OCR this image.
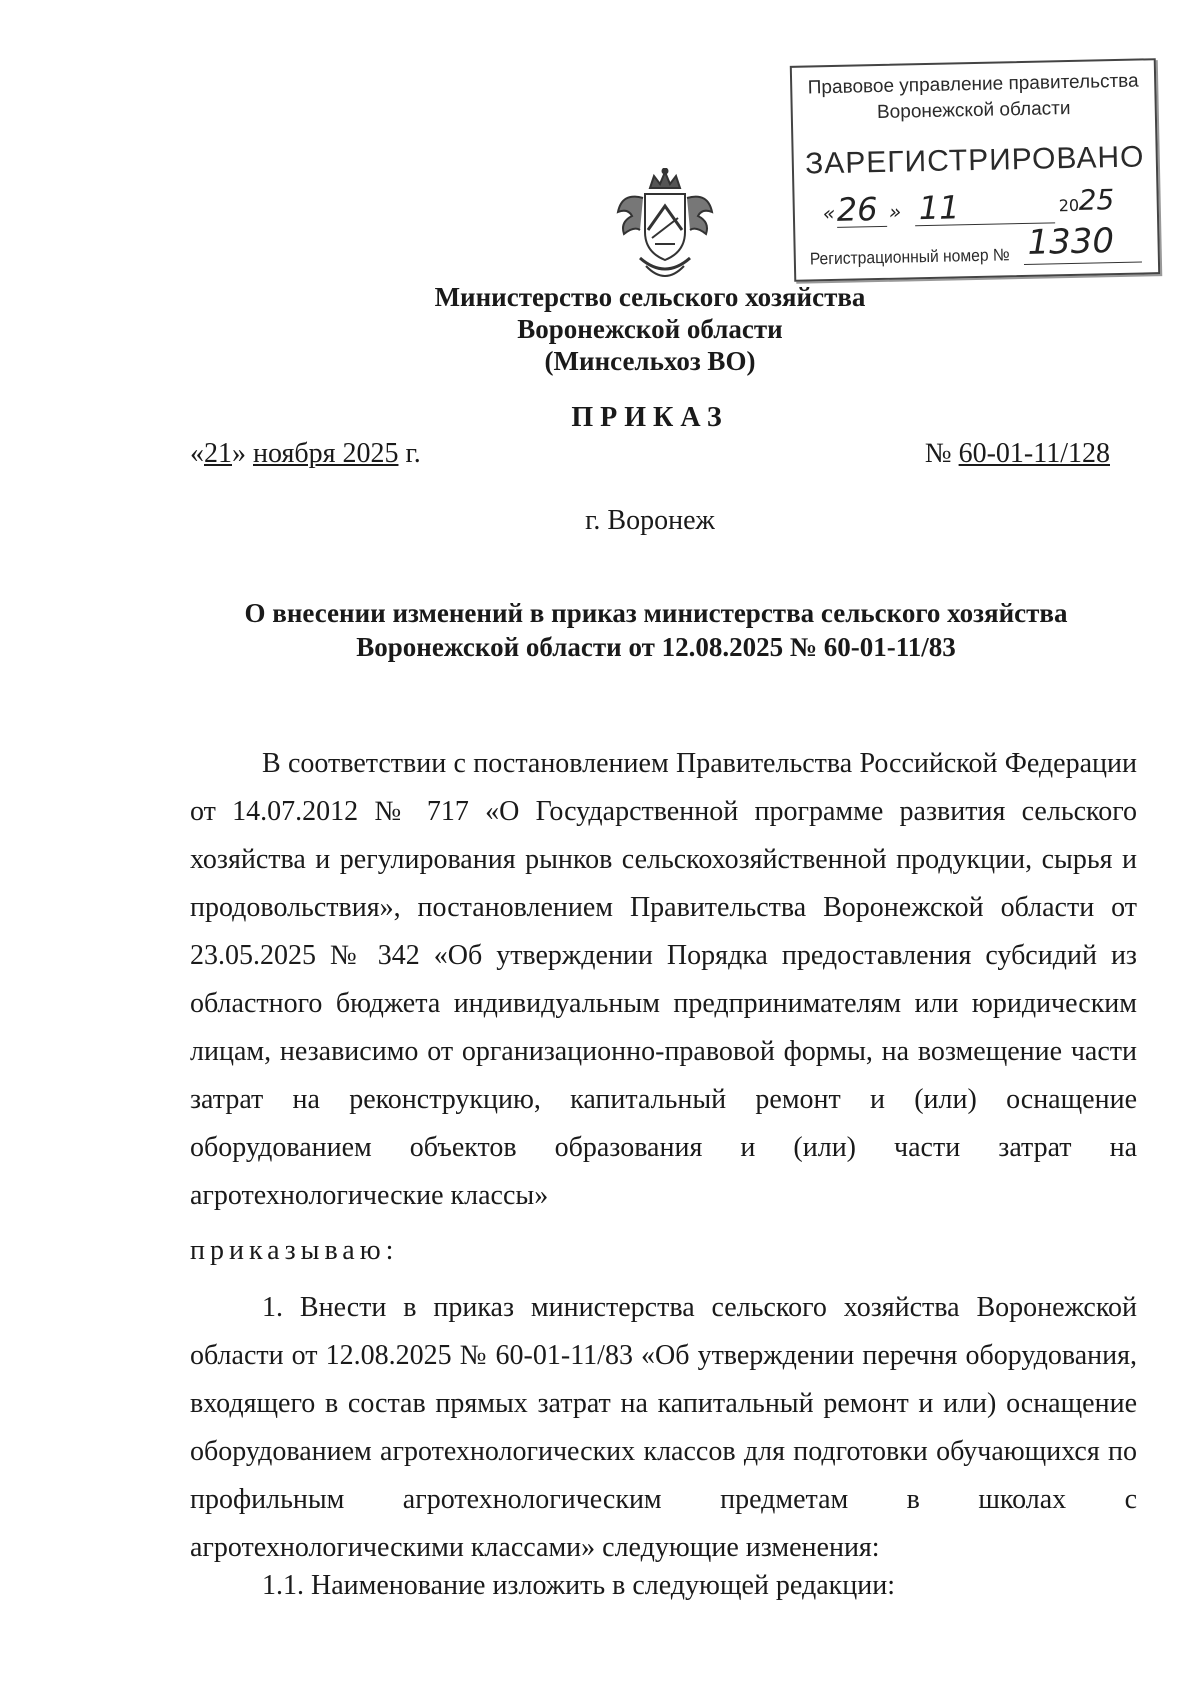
Правовое управление правительства
Воронежской области
ЗАРЕГИСТРИРОВАНО
« 26 » 11	20
25
Регистрационный номер № 1330
Министерство сельского хозяйства
Воронежской области
(Минсельхоз ВО)
ПРИКАЗ
«21» ноября 2025 г.	№ 60-01-11/128
г. Воронеж
О внесении изменений в приказ министерства сельского хозяйства
Воронежской области от 12.08.2025 № 60-01-11/83
В соответствии с постановлением Правительства Российской Федерации от 14.07.2012 № 717 «О Государственной программе развития сельского хозяйства и регулирования рынков сельскохозяйственной продукции, сырья и продовольствия», постановлением Правительства Воронежской области от 23.05.2025 № 342 «Об утверждении Порядка предоставления субсидий из областного бюджета индивидуальным предпринимателям или юридическим лицам, независимо от организационно-правовой формы, на возмещение части затрат на реконструкцию, капитальный ремонт и (или) оснащение оборудованием объектов образования и (или) части затрат на агротехнологические классы»
приказываю:
1. Внести в приказ министерства сельского хозяйства Воронежской области от 12.08.2025 № 60-01-11/83 «Об утверждении перечня оборудования, входящего в состав прямых затрат на капитальный ремонт и или) оснащение оборудованием агротехнологических классов для подготовки обучающихся по профильным агротехнологическим предметам в школах с агротехнологическими классами» следующие изменения:
1.1. Наименование изложить в следующей редакции:
